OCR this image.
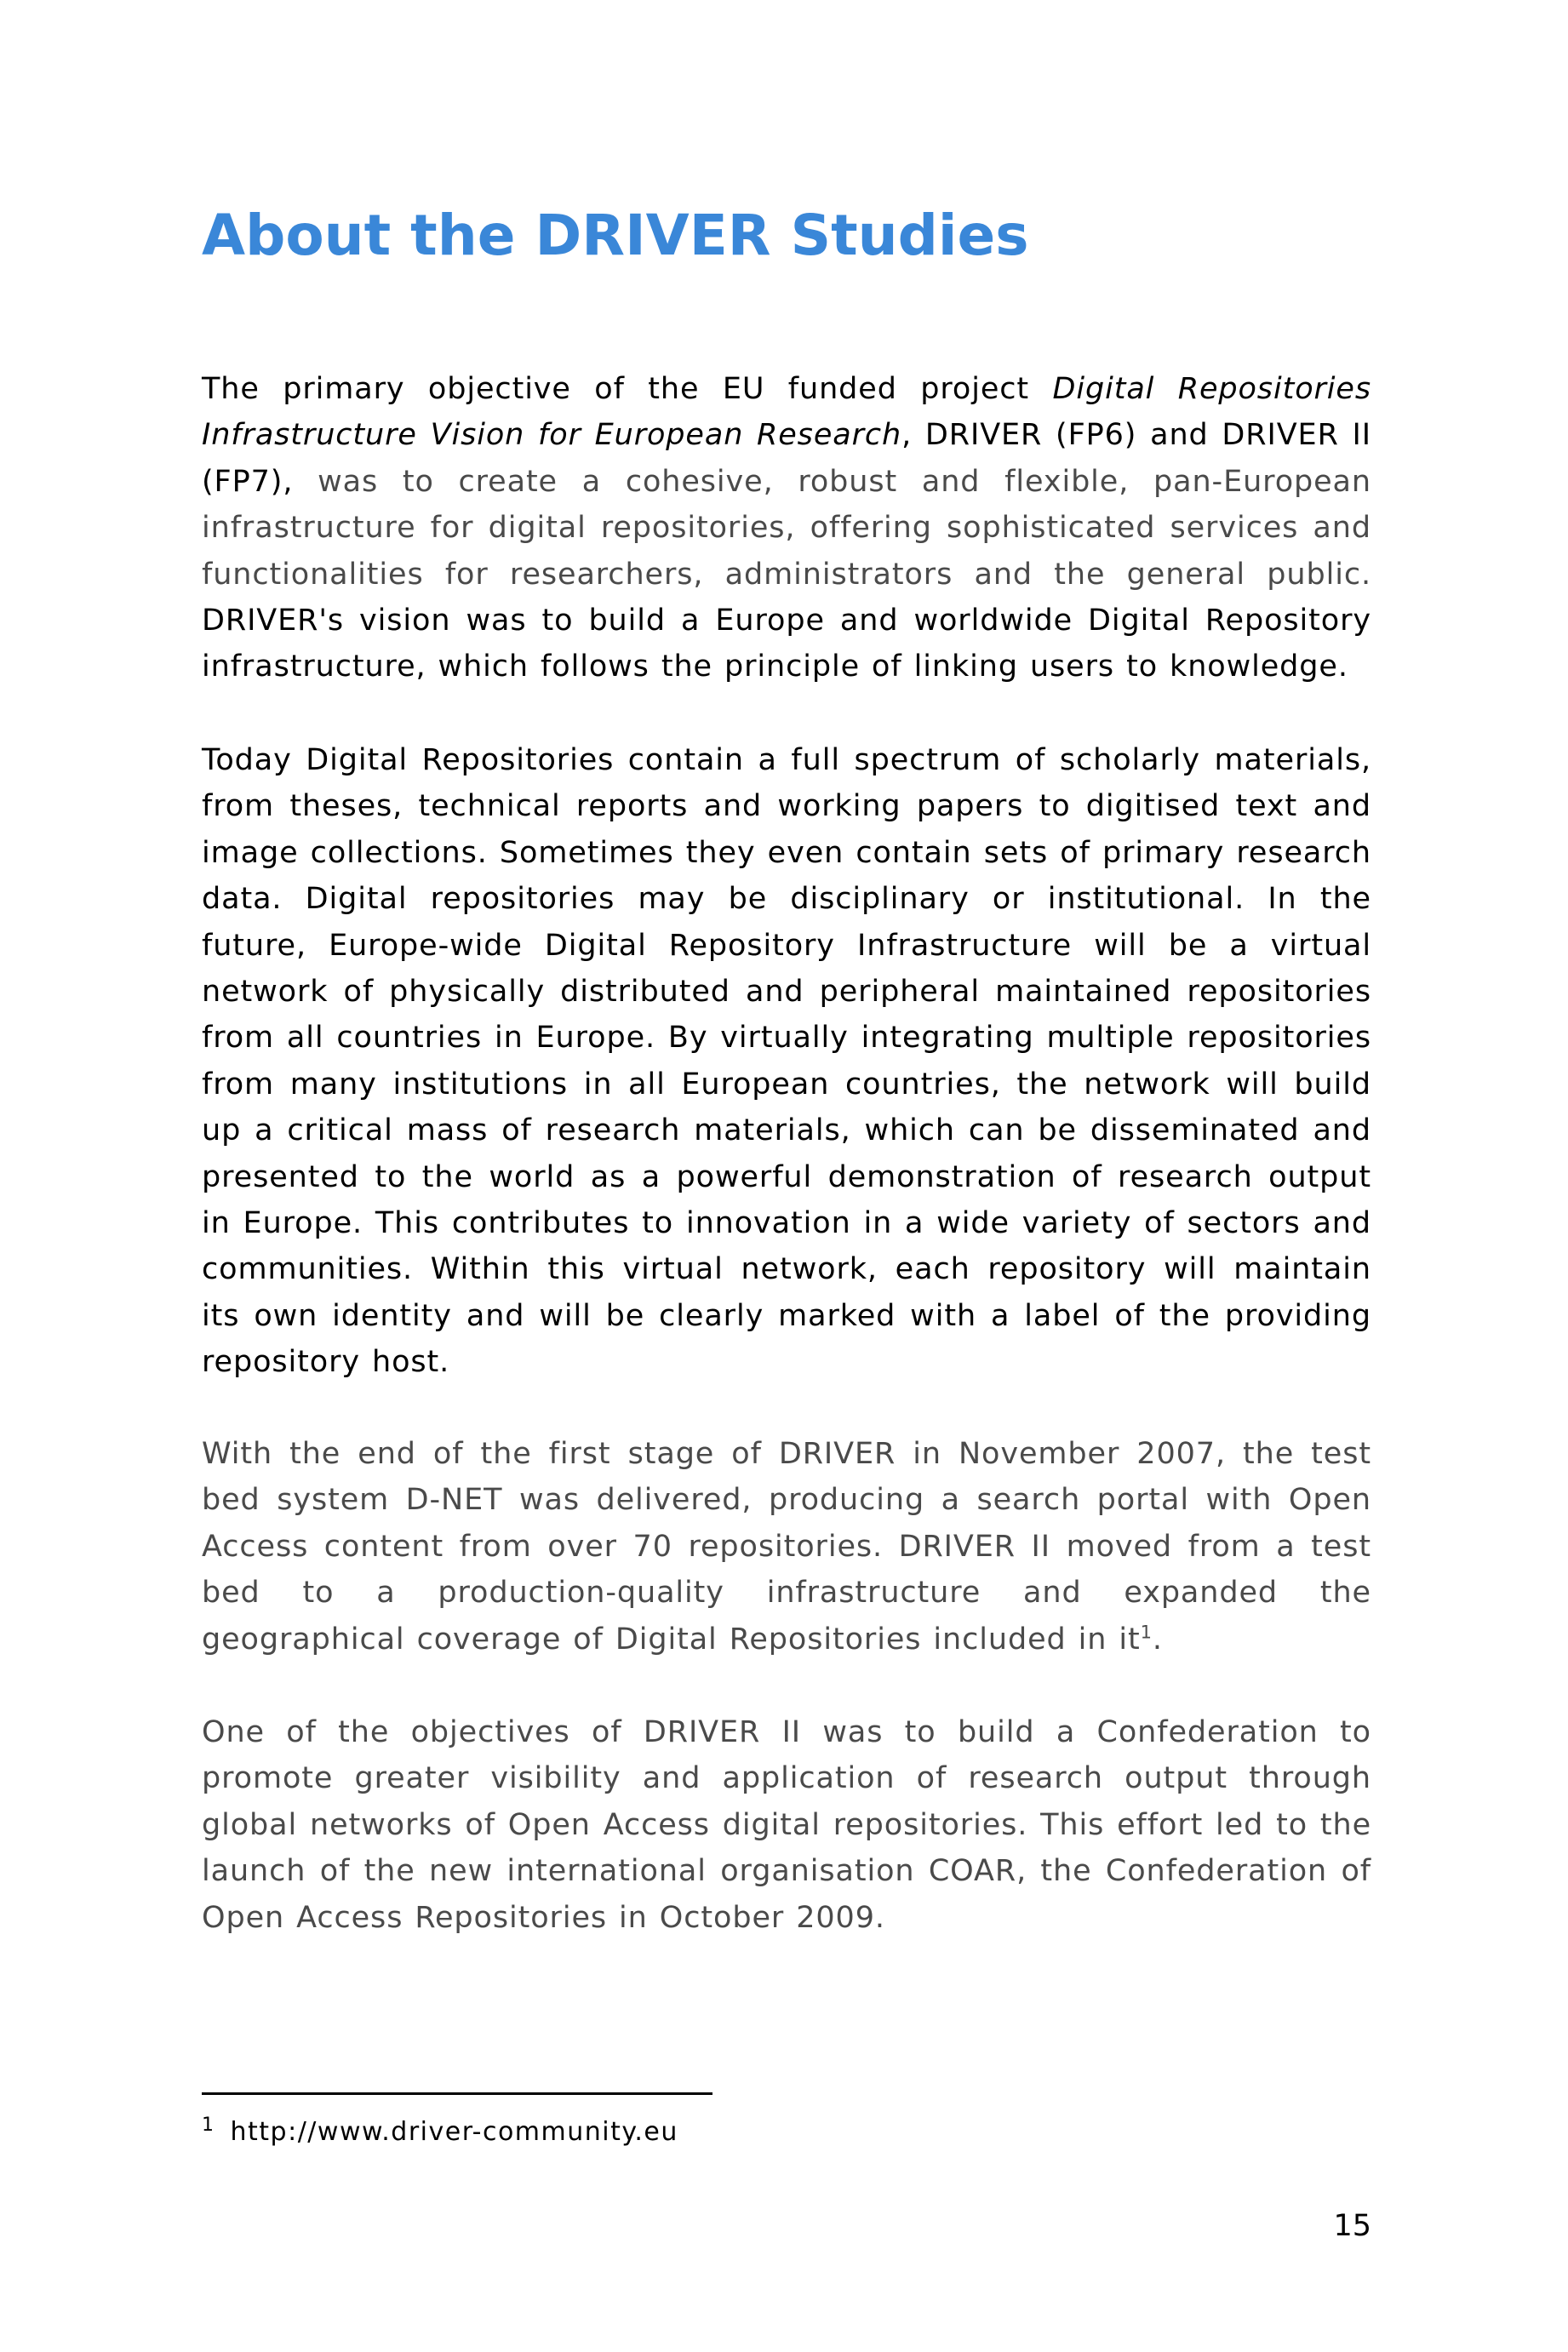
About the DRIVER Studies

The primary objective of the EU funded project Digital Repositories Infrastructure Vision for European Research, DRIVER (FP6) and DRIVER II (FP7), was to create a cohesive, robust and flexible, pan-European infrastructure for digital repositories, offering sophisticated services and functionalities for researchers, administrators and the general public. DRIVER's vision was to build a Europe and worldwide Digital Repository infrastructure, which follows the principle of linking users to knowledge.

Today Digital Repositories contain a full spectrum of scholarly materials, from theses, technical reports and working papers to digitised text and image collections. Sometimes they even contain sets of primary research data. Digital repositories may be disciplinary or institutional. In the future, Europe-wide Digital Repository Infrastructure will be a virtual network of physically distributed and peripheral maintained repositories from all countries in Europe. By virtually integrating multiple repositories from many institutions in all European countries, the network will build up a critical mass of research materials, which can be disseminated and presented to the world as a powerful demonstration of research output in Europe. This contributes to innovation in a wide variety of sectors and communities. Within this virtual network, each repository will maintain its own identity and will be clearly marked with a label of the providing repository host.

With the end of the first stage of DRIVER in November 2007, the test bed system D-NET was delivered, producing a search portal with Open Access content from over 70 repositories. DRIVER II moved from a test bed to a production-quality infrastructure and expanded the geographical coverage of Digital Repositories included in it$^1$.

One of the objectives of DRIVER II was to build a Confederation to promote greater visibility and application of research output through global networks of Open Access digital repositories. This effort led to the launch of the new international organisation COAR, the Confederation of Open Access Repositories in October 2009.

$^1$ http://www.driver-community.eu
15
